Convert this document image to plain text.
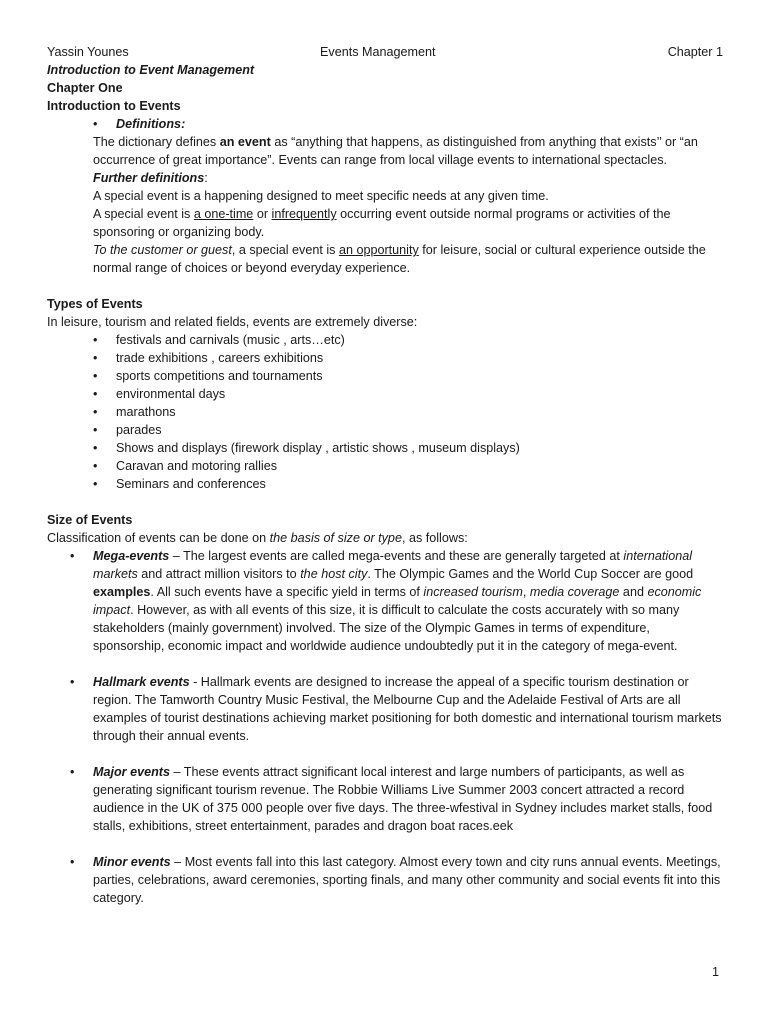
Yassin Younes	Events Management	Chapter 1

Introduction to Event Management

Chapter One

Introduction to Events

• Definitions:

The dictionary defines an event as “anything that happens, as distinguished from anything that exists’’ or “an occurrence of great importance”. Events can range from local village events to international spectacles.

Further definitions:

A special event is a happening designed to meet specific needs at any given time.

A special event is a one-time or infrequently occurring event outside normal programs or activities of the sponsoring or organizing body.

To the customer or guest, a special event is an opportunity for leisure, social or cultural experience outside the normal range of choices or beyond everyday experience.

Types of Events

In leisure, tourism and related fields, events are extremely diverse:

• festivals and carnivals (music , arts…etc)
• trade exhibitions , careers exhibitions
• sports competitions and tournaments
• environmental days
• marathons
• parades
• Shows and displays (firework display , artistic shows , museum displays)
• Caravan and motoring rallies
• Seminars and conferences

Size of Events

Classification of events can be done on the basis of size or type, as follows:

• Mega-events – The largest events are called mega-events and these are generally targeted at international markets and attract million visitors to the host city. The Olympic Games and the World Cup Soccer are good examples. All such events have a specific yield in terms of increased tourism, media coverage and economic impact. However, as with all events of this size, it is difficult to calculate the costs accurately with so many stakeholders (mainly government) involved. The size of the Olympic Games in terms of expenditure, sponsorship, economic impact and worldwide audience undoubtedly put it in the category of mega-event.
• Hallmark events - Hallmark events are designed to increase the appeal of a specific tourism destination or region. The Tamworth Country Music Festival, the Melbourne Cup and the Adelaide Festival of Arts are all examples of tourist destinations achieving market positioning for both domestic and international tourism markets through their annual events.
• Major events – These events attract significant local interest and large numbers of participants, as well as generating significant tourism revenue. The Robbie Williams Live Summer 2003 concert attracted a record audience in the UK of 375 000 people over five days. The three-wfestival in Sydney includes market stalls, food stalls, exhibitions, street entertainment, parades and dragon boat races.eek
• Minor events – Most events fall into this last category. Almost every town and city runs annual events. Meetings, parties, celebrations, award ceremonies, sporting finals, and many other community and social events fit into this category.
1
